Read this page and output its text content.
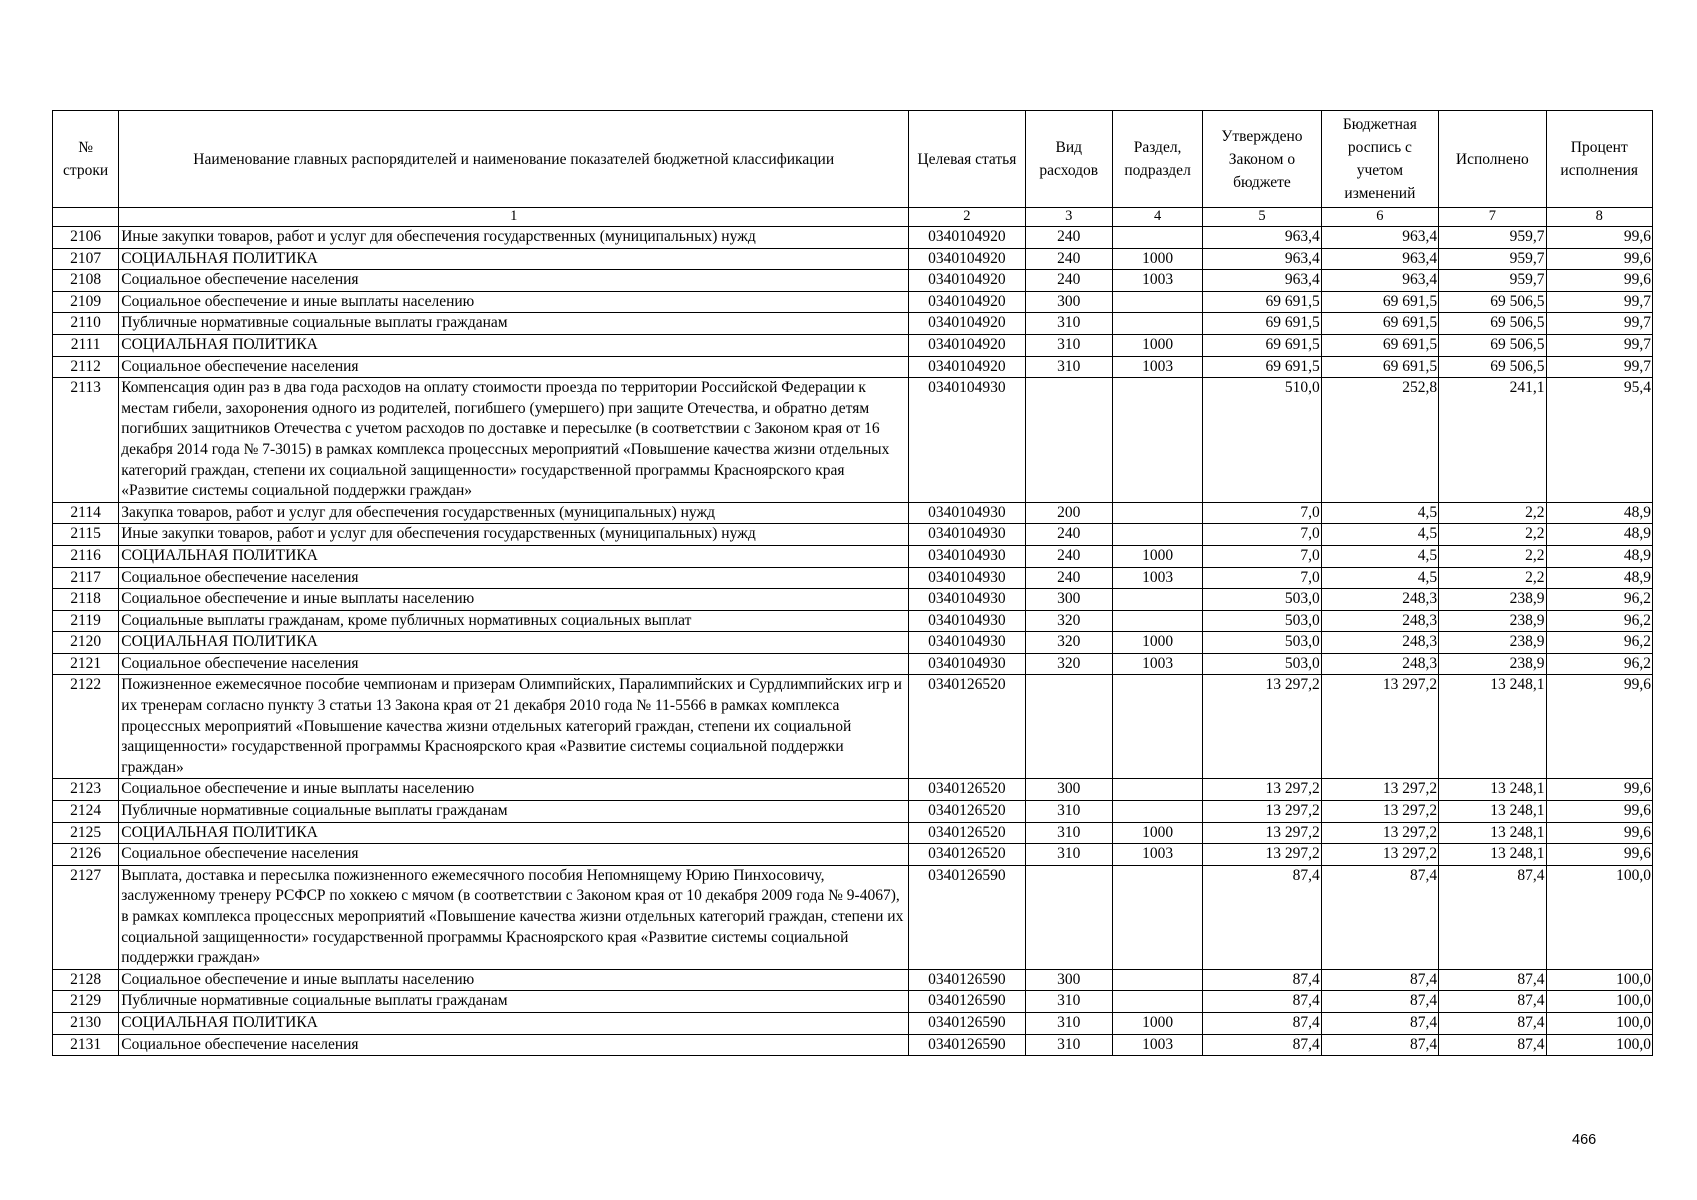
№ строки	Наименование главных распорядителей и наименование показателей бюджетной классификации	Целевая статья	Вид расходов	Раздел, подраздел	Утверждено Законом о бюджете	Бюджетная роспись с учетом изменений	Исполнено	Процент исполнения
	1	2	3	4	5	6	7	8
2106	Иные закупки товаров, работ и услуг для обеспечения государственных (муниципальных) нужд	0340104920	240		963,4	963,4	959,7	99,6
2107	СОЦИАЛЬНАЯ ПОЛИТИКА	0340104920	240	1000	963,4	963,4	959,7	99,6
2108	Социальное обеспечение населения	0340104920	240	1003	963,4	963,4	959,7	99,6
2109	Социальное обеспечение и иные выплаты населению	0340104920	300		69 691,5	69 691,5	69 506,5	99,7
2110	Публичные нормативные социальные выплаты гражданам	0340104920	310		69 691,5	69 691,5	69 506,5	99,7
2111	СОЦИАЛЬНАЯ ПОЛИТИКА	0340104920	310	1000	69 691,5	69 691,5	69 506,5	99,7
2112	Социальное обеспечение населения	0340104920	310	1003	69 691,5	69 691,5	69 506,5	99,7
2113	Компенсация один раз в два года расходов на оплату стоимости проезда по территории Российской Федерации к местам гибели, захоронения одного из родителей, погибшего (умершего) при защите Отечества, и обратно детям погибших защитников Отечества с учетом расходов по доставке и пересылке (в соответствии с Законом края от 16 декабря 2014 года № 7-3015) в рамках комплекса процессных мероприятий «Повышение качества жизни отдельных категорий граждан, степени их социальной защищенности» государственной программы Красноярского края «Развитие системы социальной поддержки граждан»	0340104930			510,0	252,8	241,1	95,4
2114	Закупка товаров, работ и услуг для обеспечения государственных (муниципальных) нужд	0340104930	200		7,0	4,5	2,2	48,9
2115	Иные закупки товаров, работ и услуг для обеспечения государственных (муниципальных) нужд	0340104930	240		7,0	4,5	2,2	48,9
2116	СОЦИАЛЬНАЯ ПОЛИТИКА	0340104930	240	1000	7,0	4,5	2,2	48,9
2117	Социальное обеспечение населения	0340104930	240	1003	7,0	4,5	2,2	48,9
2118	Социальное обеспечение и иные выплаты населению	0340104930	300		503,0	248,3	238,9	96,2
2119	Социальные выплаты гражданам, кроме публичных нормативных социальных выплат	0340104930	320		503,0	248,3	238,9	96,2
2120	СОЦИАЛЬНАЯ ПОЛИТИКА	0340104930	320	1000	503,0	248,3	238,9	96,2
2121	Социальное обеспечение населения	0340104930	320	1003	503,0	248,3	238,9	96,2
2122	Пожизненное ежемесячное пособие чемпионам и призерам Олимпийских, Паралимпийских и Сурдлимпийских игр и их тренерам согласно пункту 3 статьи 13 Закона края от 21 декабря 2010 года № 11-5566 в рамках комплекса процессных мероприятий «Повышение качества жизни отдельных категорий граждан, степени их социальной защищенности» государственной программы Красноярского края «Развитие системы социальной поддержки граждан»	0340126520			13 297,2	13 297,2	13 248,1	99,6
2123	Социальное обеспечение и иные выплаты населению	0340126520	300		13 297,2	13 297,2	13 248,1	99,6
2124	Публичные нормативные социальные выплаты гражданам	0340126520	310		13 297,2	13 297,2	13 248,1	99,6
2125	СОЦИАЛЬНАЯ ПОЛИТИКА	0340126520	310	1000	13 297,2	13 297,2	13 248,1	99,6
2126	Социальное обеспечение населения	0340126520	310	1003	13 297,2	13 297,2	13 248,1	99,6
2127	Выплата, доставка и пересылка пожизненного ежемесячного пособия Непомнящему Юрию Пинхосовичу, заслуженному тренеру РСФСР по хоккею с мячом (в соответствии с Законом края от 10 декабря 2009 года № 9-4067), в рамках комплекса процессных мероприятий «Повышение качества жизни отдельных категорий граждан, степени их социальной защищенности» государственной программы Красноярского края «Развитие системы социальной поддержки граждан»	0340126590			87,4	87,4	87,4	100,0
2128	Социальное обеспечение и иные выплаты населению	0340126590	300		87,4	87,4	87,4	100,0
2129	Публичные нормативные социальные выплаты гражданам	0340126590	310		87,4	87,4	87,4	100,0
2130	СОЦИАЛЬНАЯ ПОЛИТИКА	0340126590	310	1000	87,4	87,4	87,4	100,0
2131	Социальное обеспечение населения	0340126590	310	1003	87,4	87,4	87,4	100,0
466
